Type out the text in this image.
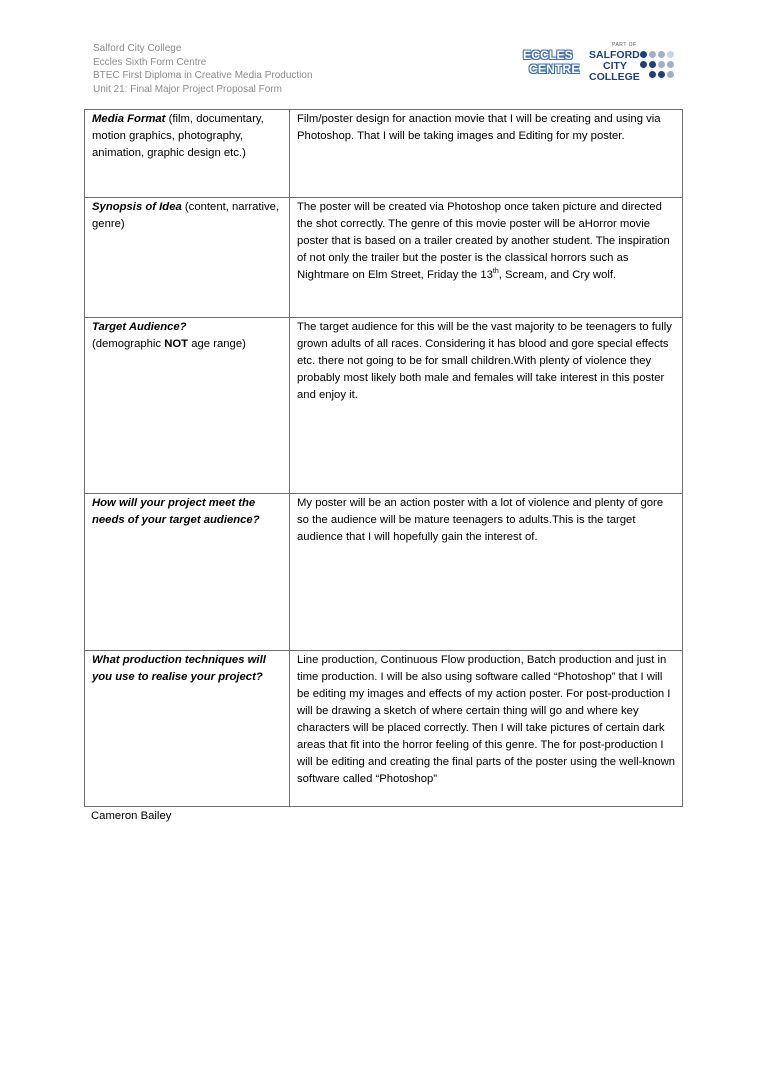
Salford City College
Eccles Sixth Form Centre
BTEC First Diploma in Creative Media Production
Unit 21: Final Major Project Proposal Form
ECCLES
CENTRE
PART OF
SALFORD
CITY
COLLEGE
Media Format (film, documentary, motion graphics, photography, animation, graphic design etc.)	Film/poster design for anaction movie that I will be creating and using via Photoshop. That I will be taking images and Editing for my poster.
Synopsis of Idea (content, narrative, genre)	The poster will be created via Photoshop once taken picture and directed the shot correctly. The genre of this movie poster will be aHorror movie poster that is based on a trailer created by another student. The inspiration of not only the trailer but the poster is the classical horrors such as Nightmare on Elm Street, Friday the 13th, Scream, and Cry wolf.
Target Audience?
(demographic NOT age range)	The target audience for this will be the vast majority to be teenagers to fully grown adults of all races. Considering it has blood and gore special effects etc. there not going to be for small children.With plenty of violence they probably most likely both male and females will take interest in this poster and enjoy it.
How will your project meet the needs of your target audience?	My poster will be an action poster with a lot of violence and plenty of gore so the audience will be mature teenagers to adults.This is the target audience that I will hopefully gain the interest of.
What production techniques will you use to realise your project?	Line production, Continuous Flow production, Batch production and just in time production. I will be also using software called “Photoshop” that I will be editing my images and effects of my action poster. For post-production I will be drawing a sketch of where certain thing will go and where key characters will be placed correctly. Then I will take pictures of certain dark areas that fit into the horror feeling of this genre. The for post-production I will be editing and creating the final parts of the poster using the well-known software called “Photoshop”
Cameron Bailey
